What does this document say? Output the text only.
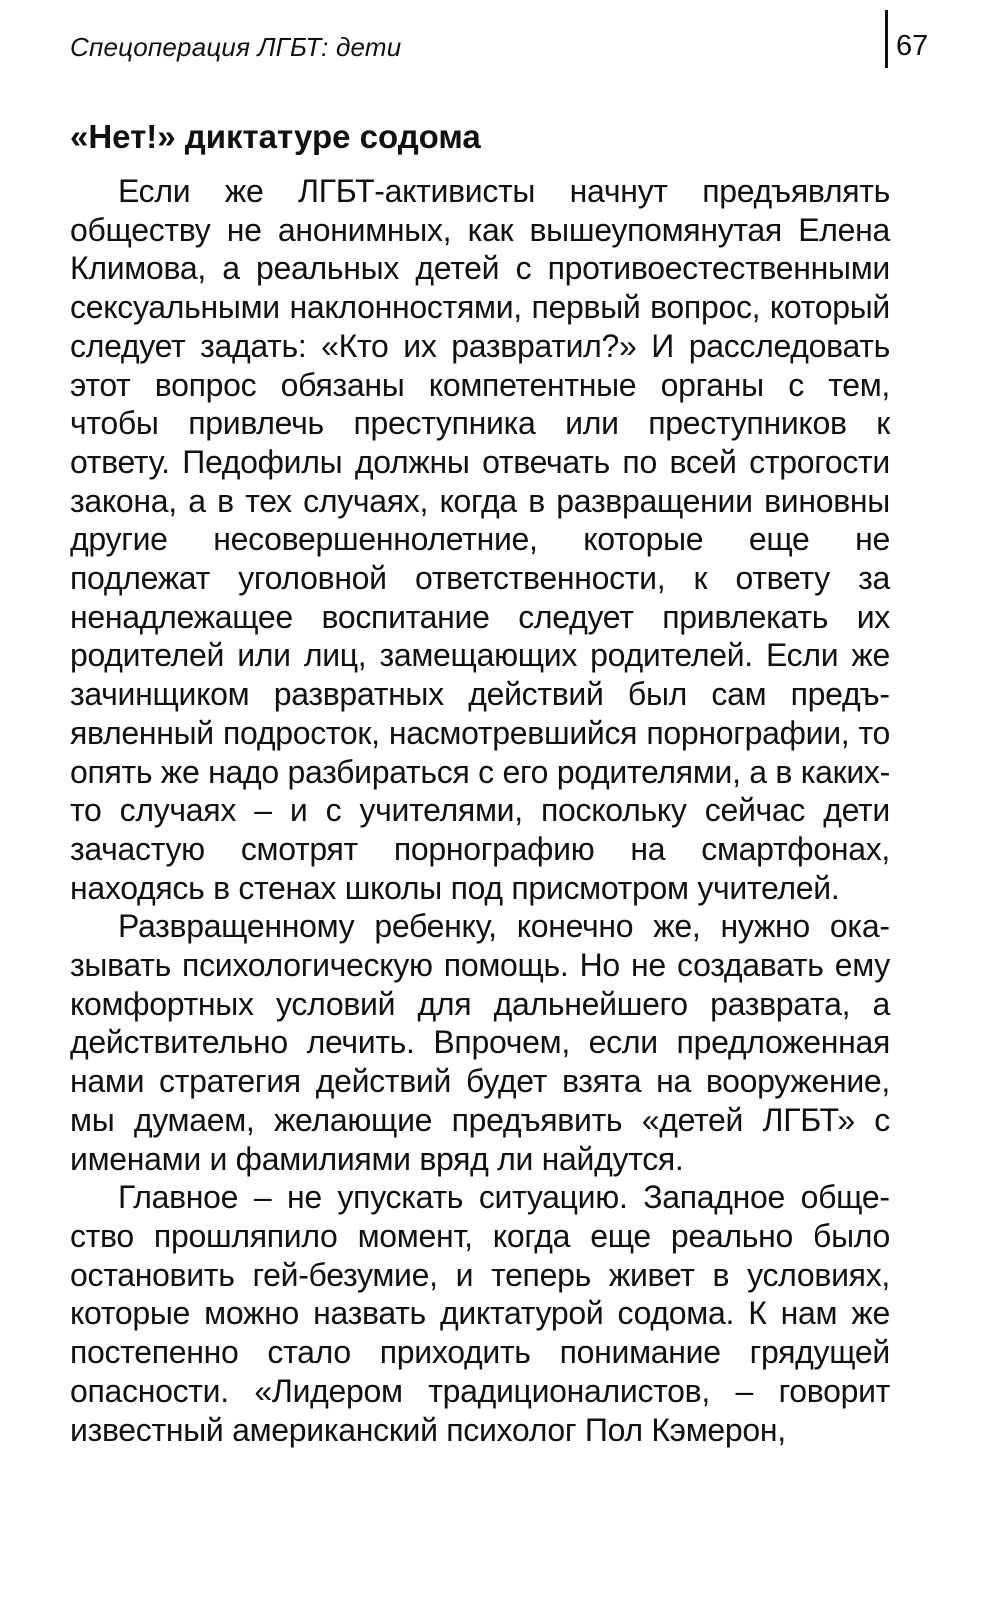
Спецоперация ЛГБТ: дети	67
«Нет!» диктатуре содома

Если же ЛГБТ-активисты начнут предъявлять обществу не анонимных, как вышеупомянутая Елена Климова, а реальных детей с противоестественными сексуальными наклонностями, первый вопрос, который следует задать: «Кто их развратил?» И расследовать этот вопрос обязаны компетентные органы с тем, чтобы привлечь преступника или преступников к ответу. Педофилы должны отвечать по всей строгости закона, а в тех случаях, когда в развращении виновны другие несовершеннолетние, которые еще не подлежат уголовной ответственности, к ответу за ненадлежащее воспитание следует привлекать их родителей или лиц, замещающих родителей. Если же зачинщиком развратных действий был сам предъявленный подросток, насмотревшийся порнографии, то опять же надо разбираться с его родителями, а в каких-то случаях – и с учителями, поскольку сейчас дети зачастую смотрят порнографию на смартфонах, находясь в стенах школы под присмотром учителей.

Развращенному ребенку, конечно же, нужно оказывать психологическую помощь. Но не создавать ему комфортных условий для дальнейшего разврата, а действительно лечить. Впрочем, если предложенная нами стратегия действий будет взята на вооружение, мы думаем, желающие предъявить «детей ЛГБТ» с именами и фамилиями вряд ли найдутся.

Главное – не упускать ситуацию. Западное общество прошляпило момент, когда еще реально было остановить гей-безумие, и теперь живет в условиях, которые можно назвать диктатурой содома. К нам же постепенно стало приходить понимание грядущей опасности. «Лидером традиционалистов, – говорит известный американский психолог Пол Кэмерон,
